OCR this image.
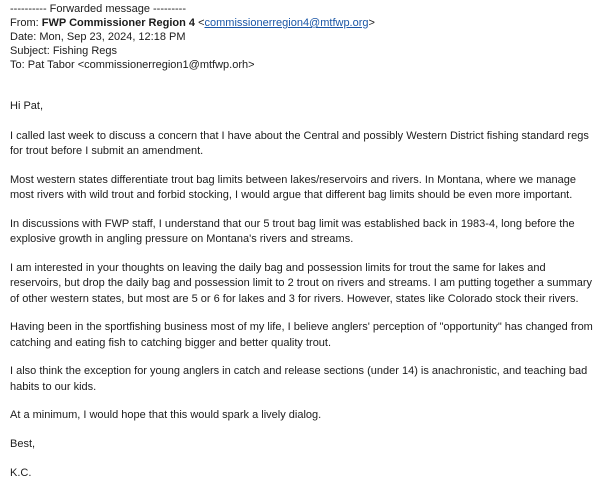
---------- Forwarded message ---------
From: FWP Commissioner Region 4 <commissionerregion4@mtfwp.org>
Date: Mon, Sep 23, 2024, 12:18 PM
Subject: Fishing Regs
To: Pat Tabor <commissionerregion1@mtfwp.orh>

Hi Pat,

I called last week to discuss a concern that I have about the Central and possibly Western District fishing standard regs for trout before I submit an amendment.

Most western states differentiate trout bag limits between lakes/reservoirs and rivers. In Montana, where we manage most rivers with wild trout and forbid stocking, I would argue that different bag limits should be even more important.

In discussions with FWP staff, I understand that our 5 trout bag limit was established back in 1983-4, long before the explosive growth in angling pressure on Montana's rivers and streams.

I am interested in your thoughts on leaving the daily bag and possession limits for trout the same for lakes and reservoirs, but drop the daily bag and possession limit to 2 trout on rivers and streams. I am putting together a summary of other western states, but most are 5 or 6 for lakes and 3 for rivers. However, states like Colorado stock their rivers.

Having been in the sportfishing business most of my life, I believe anglers' perception of "opportunity" has changed from catching and eating fish to catching bigger and better quality trout.

I also think the exception for young anglers in catch and release sections (under 14) is anachronistic, and teaching bad habits to our kids.

At a minimum, I would hope that this would spark a lively dialog.

Best,

K.C.
